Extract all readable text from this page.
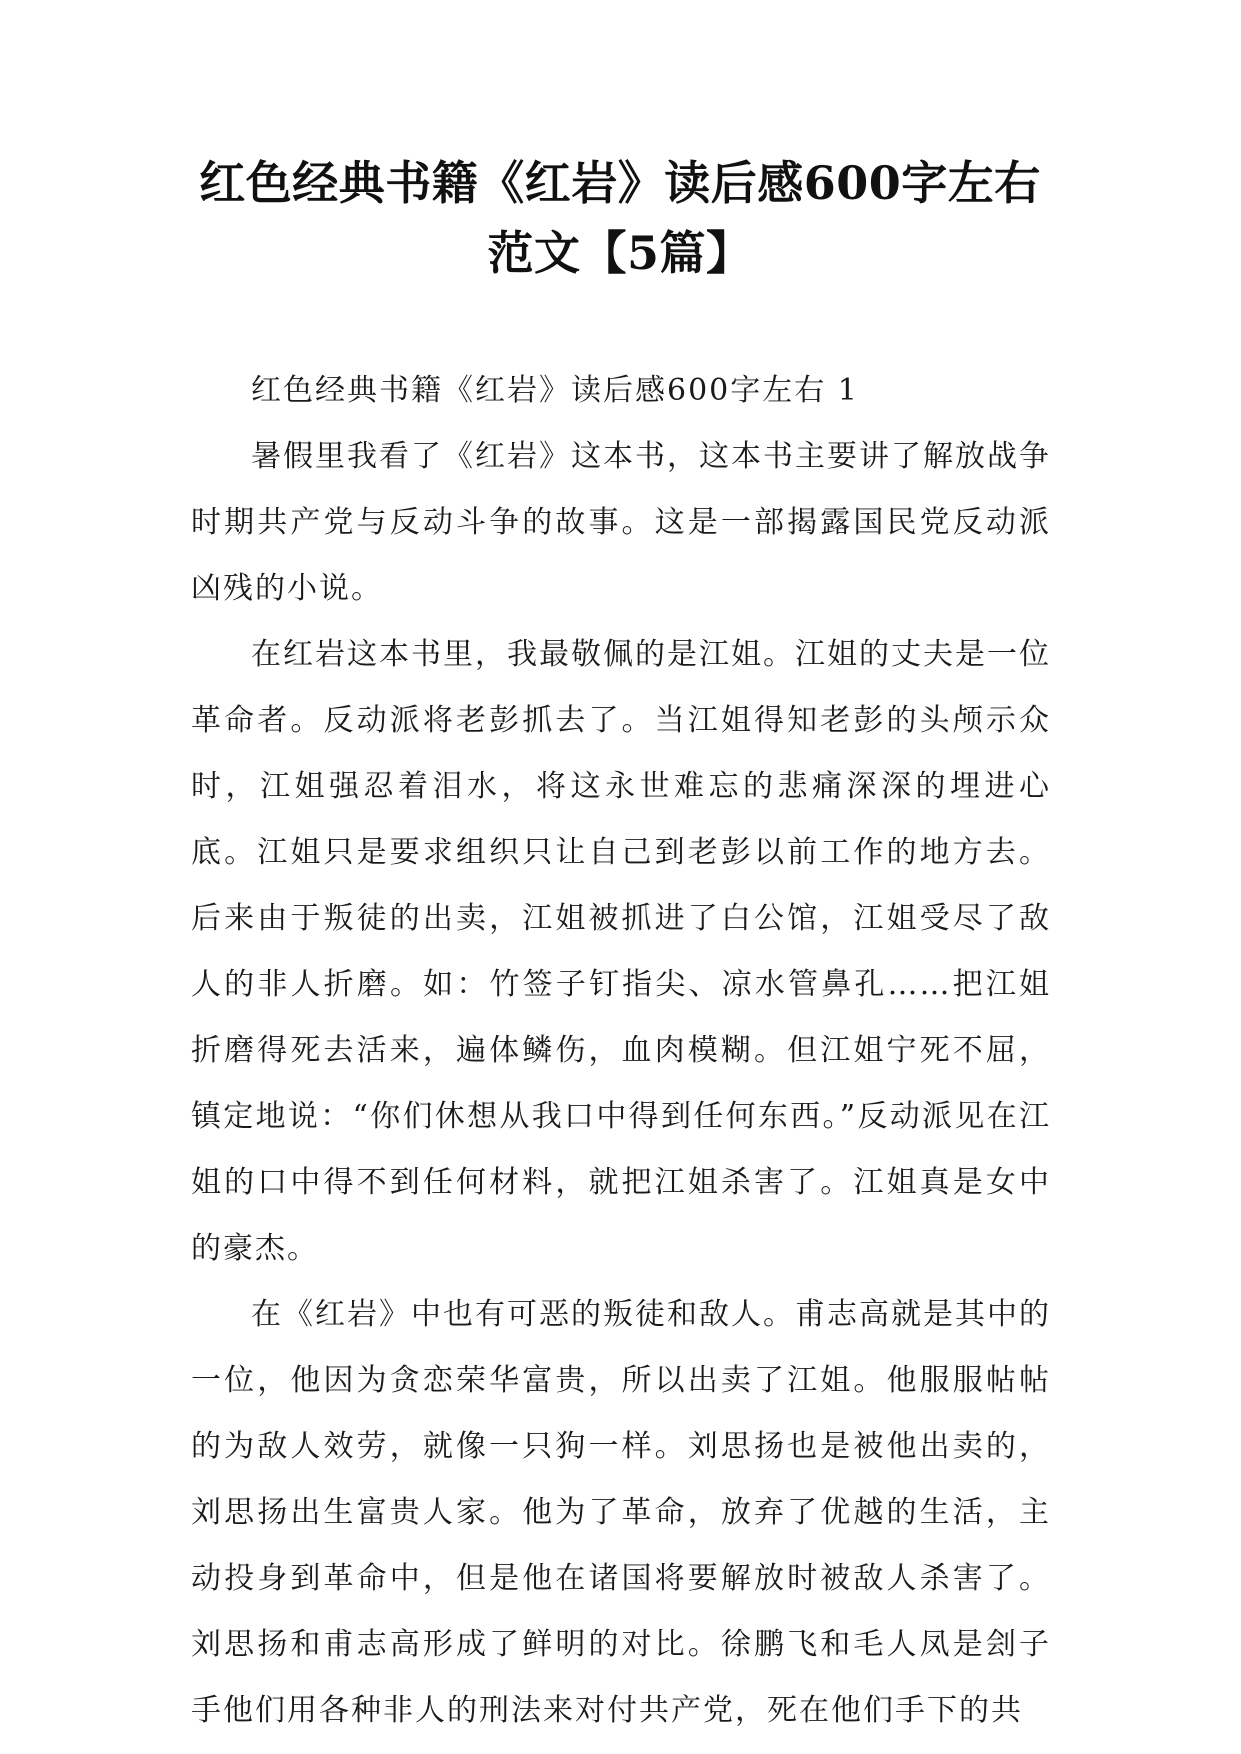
红色经典书籍《红岩》读后感600字左右范文【5篇】

红色经典书籍《红岩》读后感600字左右 1

暑假里我看了《红岩》这本书，这本书主要讲了解放战争时期共产党与反动斗争的故事。这是一部揭露国民党反动派凶残的小说。

在红岩这本书里，我最敬佩的是江姐。江姐的丈夫是一位革命者。反动派将老彭抓去了。当江姐得知老彭的头颅示众时，江姐强忍着泪水，将这永世难忘的悲痛深深的埋进心底。江姐只是要求组织只让自己到老彭以前工作的地方去。后来由于叛徒的出卖，江姐被抓进了白公馆，江姐受尽了敌人的非人折磨。如：竹签子钉指尖、凉水管鼻孔……把江姐折磨得死去活来，遍体鳞伤，血肉模糊。但江姐宁死不屈，镇定地说：“你们休想从我口中得到任何东西。”反动派见在江姐的口中得不到任何材料，就把江姐杀害了。江姐真是女中的豪杰。

在《红岩》中也有可恶的叛徒和敌人。甫志高就是其中的一位，他因为贪恋荣华富贵，所以出卖了江姐。他服服帖帖的为敌人效劳，就像一只狗一样。刘思扬也是被他出卖的，刘思扬出生富贵人家。他为了革命，放弃了优越的生活，主动投身到革命中，但是他在诸国将要解放时被敌人杀害了。刘思扬和甫志高形成了鲜明的对比。徐鹏飞和毛人凤是刽子手他们用各种非人的刑法来对付共产党，死在他们手下的共
